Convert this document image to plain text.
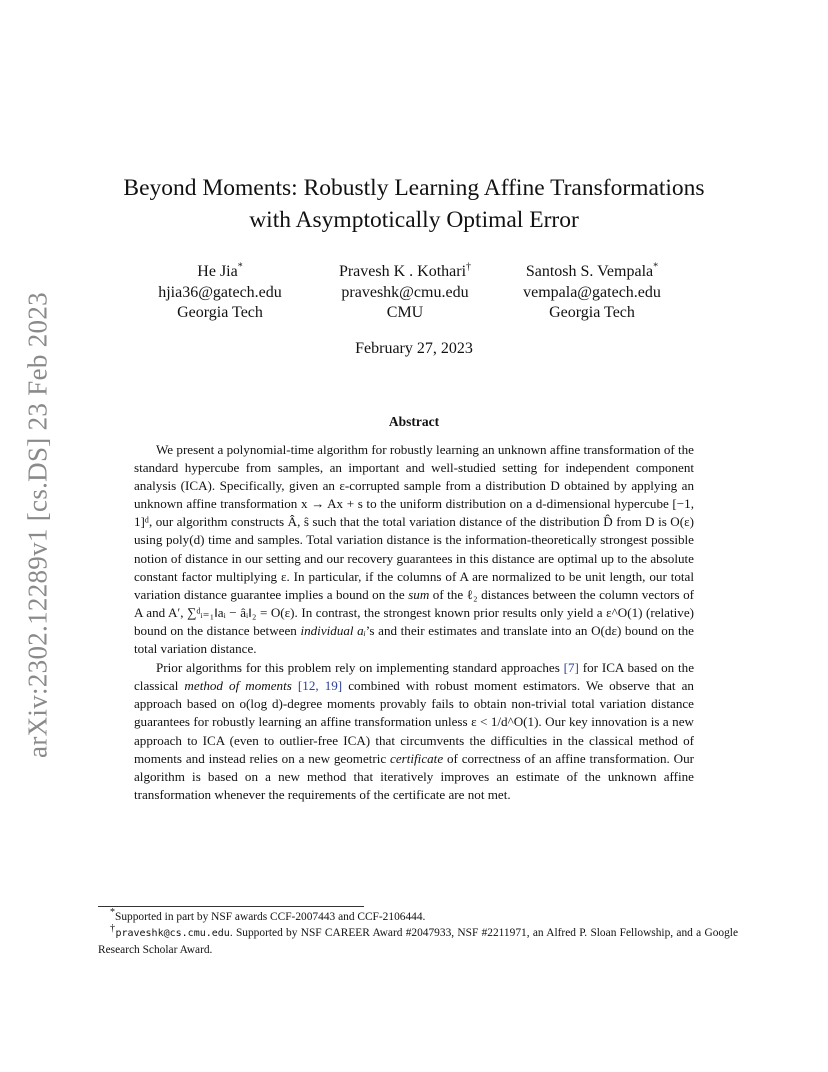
arXiv:2302.12289v1 [cs.DS] 23 Feb 2023
Beyond Moments: Robustly Learning Affine Transformations
with Asymptotically Optimal Error
He Jia*
hjia36@gatech.edu
Georgia Tech
Pravesh K . Kothari†
praveshk@cmu.edu
CMU
Santosh S. Vempala*
vempala@gatech.edu
Georgia Tech
February 27, 2023
Abstract

We present a polynomial-time algorithm for robustly learning an unknown affine transformation of the standard hypercube from samples, an important and well-studied setting for independent component analysis (ICA). Specifically, given an ε-corrupted sample from a distribution D obtained by applying an unknown affine transformation x → Ax + s to the uniform distribution on a d-dimensional hypercube [−1, 1]ᵈ, our algorithm constructs Â, ŝ such that the total variation distance of the distribution D̂ from D is O(ε) using poly(d) time and samples. Total variation distance is the information-theoretically strongest possible notion of distance in our setting and our recovery guarantees in this distance are optimal up to the absolute constant factor multiplying ε. In particular, if the columns of A are normalized to be unit length, our total variation distance guarantee implies a bound on the sum of the ℓ₂ distances between the column vectors of A and A′, ∑ᵈᵢ₌₁‖aᵢ − âᵢ‖₂ = O(ε). In contrast, the strongest known prior results only yield a ε^O(1) (relative) bound on the distance between individual aᵢ’s and their estimates and translate into an O(dε) bound on the total variation distance.

Prior algorithms for this problem rely on implementing standard approaches [7] for ICA based on the classical method of moments [12, 19] combined with robust moment estimators. We observe that an approach based on o(log d)-degree moments provably fails to obtain non-trivial total variation distance guarantees for robustly learning an affine transformation unless ε < 1/d^O(1). Our key innovation is a new approach to ICA (even to outlier-free ICA) that circumvents the difficulties in the classical method of moments and instead relies on a new geometric certificate of correctness of an affine transformation. Our algorithm is based on a new method that iteratively improves an estimate of the unknown affine transformation whenever the requirements of the certificate are not met.

*Supported in part by NSF awards CCF-2007443 and CCF-2106444.

†praveshk@cs.cmu.edu. Supported by NSF CAREER Award #2047933, NSF #2211971, an Alfred P. Sloan Fellowship, and a Google Research Scholar Award.
